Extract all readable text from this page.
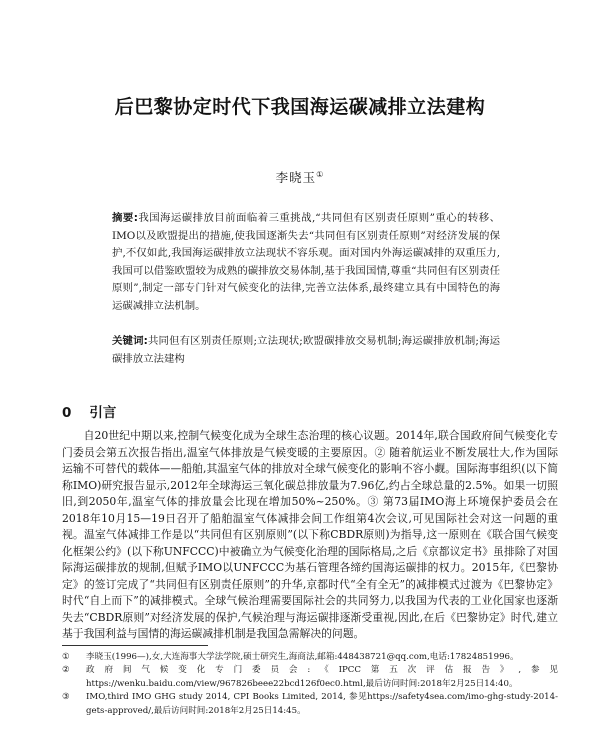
后巴黎协定时代下我国海运碳减排立法建构
李晓玉①
摘要:我国海运碳排放目前面临着三重挑战,“共同但有区别责任原则”重心的转移、IMO以及欧盟提出的措施,使我国逐渐失去“共同但有区别责任原则”对经济发展的保护,不仅如此,我国海运碳排放立法现状不容乐观。面对国内外海运碳减排的双重压力,我国可以借鉴欧盟较为成熟的碳排放交易体制,基于我国国情,尊重“共同但有区别责任原则”,制定一部专门针对气候变化的法律,完善立法体系,最终建立具有中国特色的海运碳减排立法机制。
关键词:共同但有区别责任原则;立法现状;欧盟碳排放交易机制;海运碳排放机制;海运碳排放立法建构
0 引言
自20世纪中期以来,控制气候变化成为全球生态治理的核心议题。2014年,联合国政府间气候变化专门委员会第五次报告指出,温室气体排放是气候变暖的主要原因。② 随着航运业不断发展壮大,作为国际运输不可替代的载体——船舶,其温室气体的排放对全球气候变化的影响不容小觑。国际海事组织(以下简称IMO)研究报告显示,2012年全球海运三氧化碳总排放量为7.96亿,约占全球总量的2.5%。如果一切照旧,到2050年,温室气体的排放量会比现在增加50%~250%。③ 第73届IMO海上环境保护委员会在2018年10月15—19日召开了船舶温室气体减排会间工作组第4次会议,可见国际社会对这一问题的重视。温室气体减排工作是以“共同但有区别原则”(以下称CBDR原则)为指导,这一原则在《联合国气候变化框架公约》(以下称UNFCCC)中被确立为气候变化治理的国际格局,之后《京都议定书》虽排除了对国际海运碳排放的规制,但赋予IMO以UNFCCC为基石管理各缔约国海运碳排的权力。2015年,《巴黎协定》的签订完成了“共同但有区别责任原则”的升华,京都时代“全有全无”的减排模式过渡为《巴黎协定》时代“自上而下”的减排模式。全球气候治理需要国际社会的共同努力,以我国为代表的工业化国家也逐渐失去“CBDR原则”对经济发展的保护,气候治理与海运碳排逐渐受重视,因此,在后《巴黎协定》时代,建立基于我国利益与国情的海运碳减排机制是我国急需解决的问题。
①	李晓玉(1996—),女,大连海事大学法学院,硕士研究生,海商法,邮箱:448438721@qq.com,电话:17824851996。
②	政府间气候变化专门委员会:《IPCC第五次评估报告》,参见https://wenku.baidu.com/view/967826beee22bcd126f0ec0.html,最后访问时间:2018年2月25日14:40。
③	IMO,third IMO GHG study 2014, CPI Books Limited, 2014, 参见https://safety4sea.com/imo-ghg-study-2014-gets-approved/,最后访问时间:2018年2月25日14:45。
